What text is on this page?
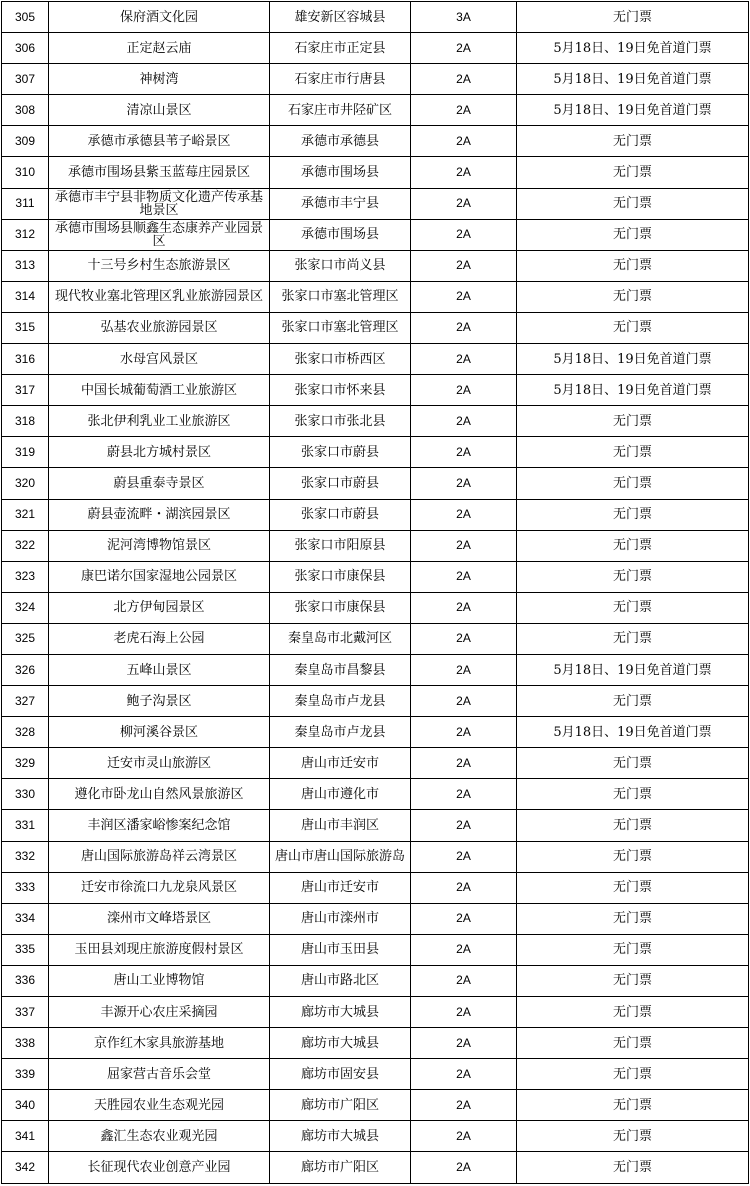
305	保府酒文化园	雄安新区容城县	3A	无门票
306	正定赵云庙	石家庄市正定县	2A	5月18日、19日免首道门票
307	神树湾	石家庄市行唐县	2A	5月18日、19日免首道门票
308	清凉山景区	石家庄市井陉矿区	2A	5月18日、19日免首道门票
309	承德市承德县苇子峪景区	承德市承德县	2A	无门票
310	承德市围场县紫玉蓝莓庄园景区	承德市围场县	2A	无门票
311	承德市丰宁县非物质文化遗产传承基地景区	承德市丰宁县	2A	无门票
312	承德市围场县顺鑫生态康养产业园景区	承德市围场县	2A	无门票
313	十三号乡村生态旅游景区	张家口市尚义县	2A	无门票
314	现代牧业塞北管理区乳业旅游园景区	张家口市塞北管理区	2A	无门票
315	弘基农业旅游园景区	张家口市塞北管理区	2A	无门票
316	水母宫风景区	张家口市桥西区	2A	5月18日、19日免首道门票
317	中国长城葡萄酒工业旅游区	张家口市怀来县	2A	5月18日、19日免首道门票
318	张北伊利乳业工业旅游区	张家口市张北县	2A	无门票
319	蔚县北方城村景区	张家口市蔚县	2A	无门票
320	蔚县重泰寺景区	张家口市蔚县	2A	无门票
321	蔚县壶流畔・湖滨园景区	张家口市蔚县	2A	无门票
322	泥河湾博物馆景区	张家口市阳原县	2A	无门票
323	康巴诺尔国家湿地公园景区	张家口市康保县	2A	无门票
324	北方伊甸园景区	张家口市康保县	2A	无门票
325	老虎石海上公园	秦皇岛市北戴河区	2A	无门票
326	五峰山景区	秦皇岛市昌黎县	2A	5月18日、19日免首道门票
327	鲍子沟景区	秦皇岛市卢龙县	2A	无门票
328	柳河溪谷景区	秦皇岛市卢龙县	2A	5月18日、19日免首道门票
329	迁安市灵山旅游区	唐山市迁安市	2A	无门票
330	遵化市卧龙山自然风景旅游区	唐山市遵化市	2A	无门票
331	丰润区潘家峪惨案纪念馆	唐山市丰润区	2A	无门票
332	唐山国际旅游岛祥云湾景区	唐山市唐山国际旅游岛	2A	无门票
333	迁安市徐流口九龙泉风景区	唐山市迁安市	2A	无门票
334	滦州市文峰塔景区	唐山市滦州市	2A	无门票
335	玉田县刘现庄旅游度假村景区	唐山市玉田县	2A	无门票
336	唐山工业博物馆	唐山市路北区	2A	无门票
337	丰源开心农庄采摘园	廊坊市大城县	2A	无门票
338	京作红木家具旅游基地	廊坊市大城县	2A	无门票
339	屈家营古音乐会堂	廊坊市固安县	2A	无门票
340	天胜园农业生态观光园	廊坊市广阳区	2A	无门票
341	鑫汇生态农业观光园	廊坊市大城县	2A	无门票
342	长征现代农业创意产业园	廊坊市广阳区	2A	无门票
